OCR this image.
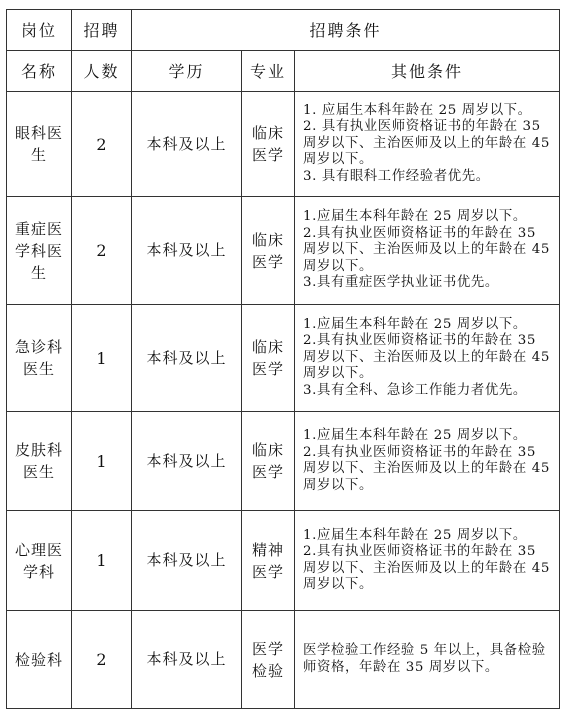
岗位	招聘	招聘条件		
名称	人数	学历	专业	其他条件
眼科医生	2	本科及以上	临床医学	1. 应届生本科年龄在 25 周岁以下。

2. 具有执业医师资格证书的年龄在 35 周岁以下、主治医师及以上的年龄在 45 周岁以下。

3. 具有眼科工作经验者优先。

重症医学科医生	2	本科及以上	临床医学	1.应届生本科年龄在 25 周岁以下。

2.具有执业医师资格证书的年龄在 35 周岁以下、主治医师及以上的年龄在 45 周岁以下。

3.具有重症医学执业证书优先。

急诊科医生	1	本科及以上	临床医学	1.应届生本科年龄在 25 周岁以下。

2.具有执业医师资格证书的年龄在 35 周岁以下、主治医师及以上的年龄在 45 周岁以下。

3.具有全科、急诊工作能力者优先。

皮肤科医生	1	本科及以上	临床医学	1.应届生本科年龄在 25 周岁以下。

2.具有执业医师资格证书的年龄在 35 周岁以下、主治医师及以上的年龄在 45 周岁以下。

心理医学科	1	本科及以上	精神医学	1.应届生本科年龄在 25 周岁以下。

2.具有执业医师资格证书的年龄在 35 周岁以下、主治医师及以上的年龄在 45 周岁以下。

检验科	2	本科及以上	医学检验	医学检验工作经验 5 年以上，具备检验师资格，年龄在 35 周岁以下。
